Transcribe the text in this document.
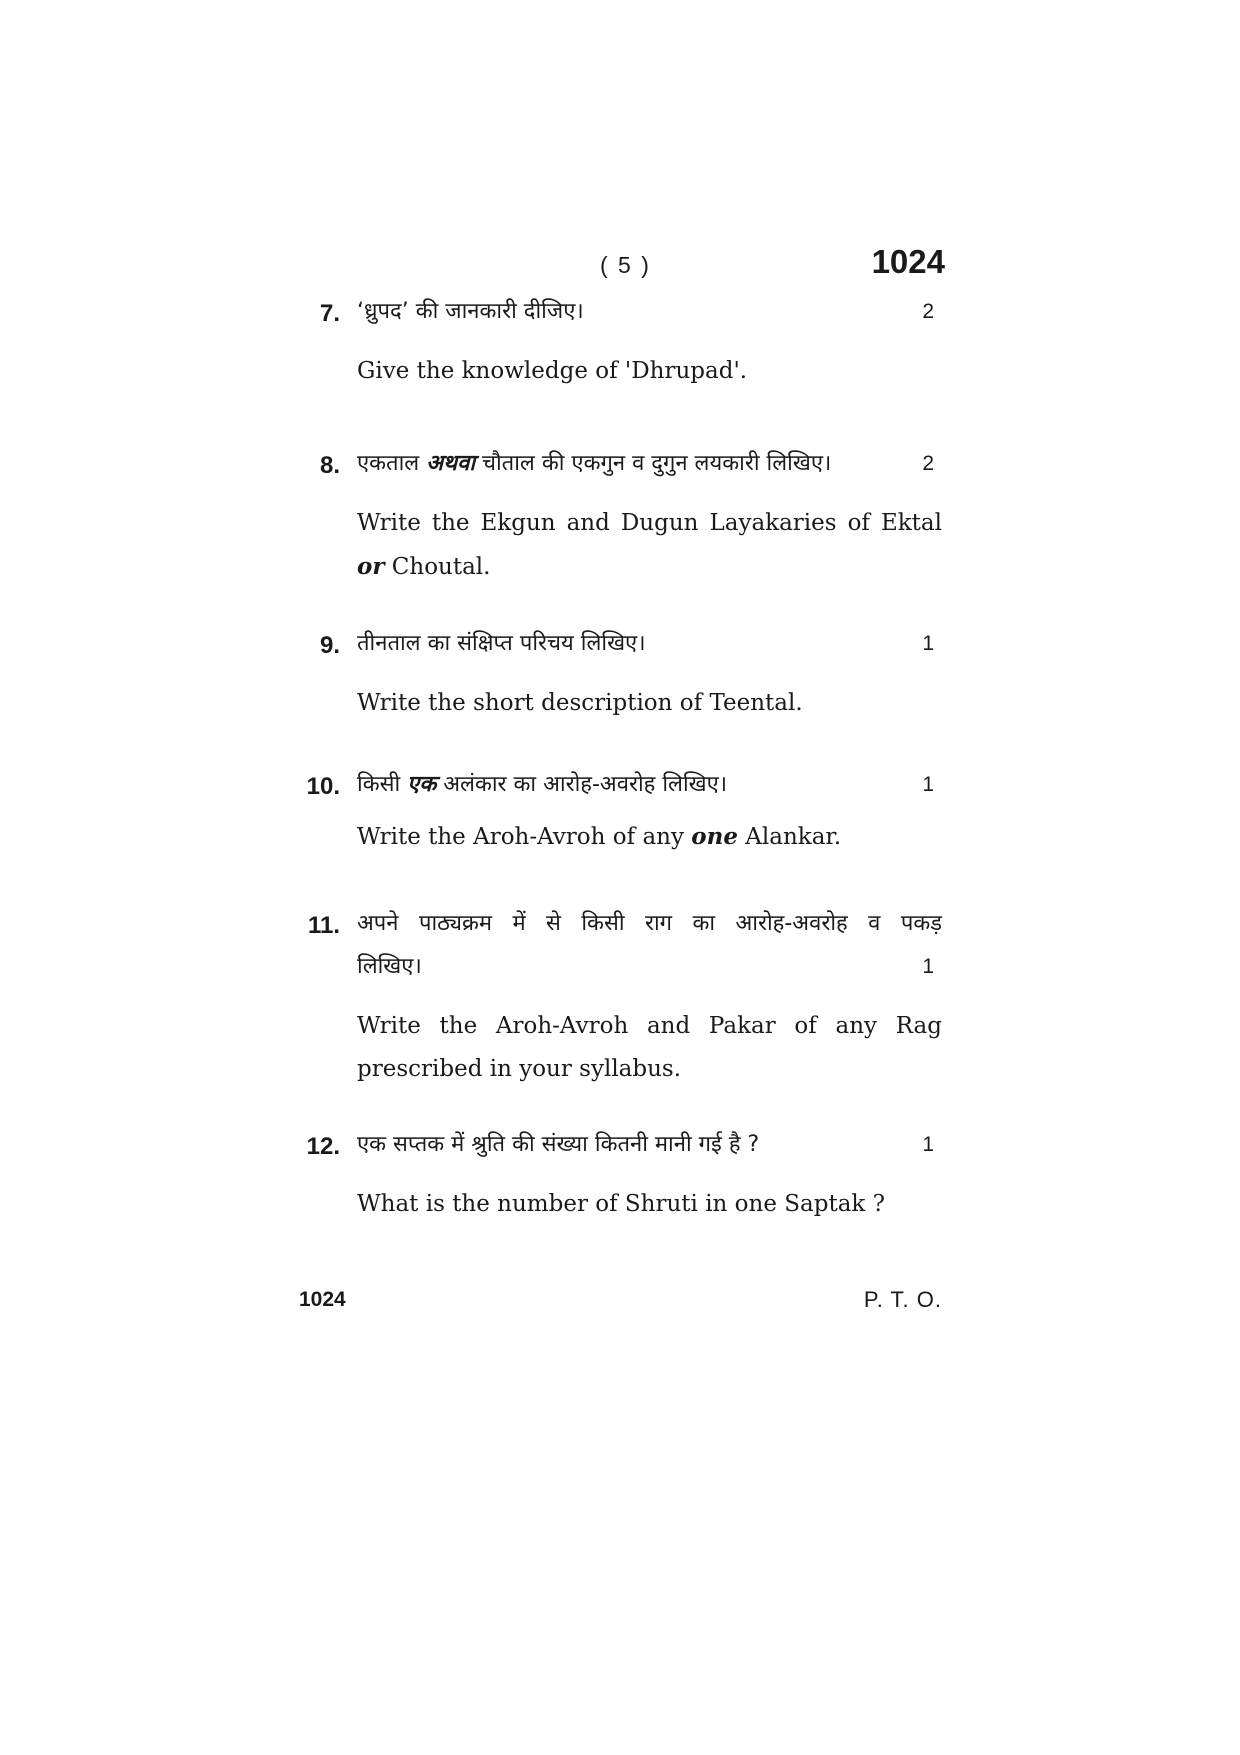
( 5 )	1024
7. ‘ध्रुपद’ की जानकारी दीजिए।	2
Give the knowledge of 'Dhrupad'.
8. एकताल अथवा चौताल की एकगुन व दुगुन लयकारी लिखिए।	2
Write the Ekgun and Dugun Layakaries of Ektal
or Choutal.
9. तीनताल का संक्षिप्त परिचय लिखिए।	1
Write the short description of Teental.
10. किसी एक अलंकार का आरोह-अवरोह लिखिए।	1
Write the Aroh-Avroh of any one Alankar.
11. अपने पाठ्यक्रम में से किसी राग का आरोह-अवरोह व पकड़
लिखिए।	1
Write the Aroh-Avroh and Pakar of any Rag
prescribed in your syllabus.
12. एक सप्तक में श्रुति की संख्या कितनी मानी गई है ?	1
What is the number of Shruti in one Saptak ?
1024	P. T. O.
